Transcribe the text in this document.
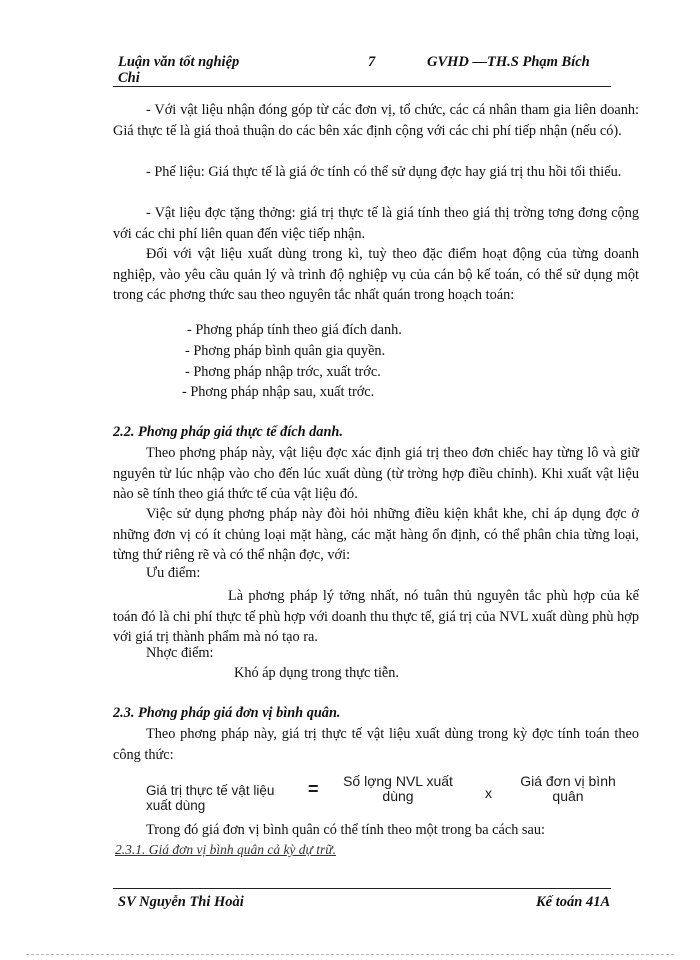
Luận văn tốt nghiệp
Chi
7	GVHD —TH.S Phạm Bích
- Với vật liệu nhận đóng góp từ các đơn vị, tổ chức, các cá nhân tham gia liên doanh: Giá thực tế là giá thoả thuận do các bên xác định cộng với các chi phí tiếp nhận (nếu có).
- Phế liệu: Giá thực tế là giá ớc tính có thể sử dụng đợc hay giá trị thu hồi tối thiểu.
- Vật liệu đợc tặng thởng: giá trị thực tế là giá tính theo giá thị trờng tơng đơng cộng với các chi phí liên quan đến việc tiếp nhận.
Đối với vật liệu xuất dùng trong kì, tuỳ theo đặc điểm hoạt động của từng doanh nghiệp, vào yêu cầu quản lý và trình độ nghiệp vụ của cán bộ kế toán, có thể sử dụng một trong các phơng thức sau theo nguyên tắc nhất quán trong hoạch toán:
- Phơng pháp tính theo giá đích danh.
- Phơng pháp bình quân gia quyền.
- Phơng pháp nhập trớc, xuất trớc.
- Phơng pháp nhập sau, xuất trớc.
2.2. Phơng pháp giá thực tế đích danh.
Theo phơng pháp này, vật liệu đợc xác định giá trị theo đơn chiếc hay từng lô và giữ nguyên từ lúc nhập vào cho đến lúc xuất dùng (từ trờng hợp điều chỉnh). Khi xuất vật liệu nào sẽ tính theo giá thức tế của vật liệu đó.
Việc sử dụng phơng pháp này đòi hỏi những điều kiện khắt khe, chỉ áp dụng đợc ở những đơn vị có ít chủng loại mặt hàng, các mặt hàng ổn định, có thể phân chia từng loại, từng thứ riêng rẽ và có thể nhận đợc, với:
Ưu điểm:
Là phơng pháp lý tởng nhất, nó tuân thủ nguyên tắc phù hợp của kế toán đó là chi phí thực tế phù hợp với doanh thu thực tế, giá trị của NVL xuất dùng phù hợp với giá trị thành phẩm mà nó tạo ra.
Nhợc điểm:
Khó áp dụng trong thực tiễn.
2.3. Phơng pháp giá đơn vị bình quân.
Theo phơng pháp này, giá trị thực tế vật liệu xuất dùng trong kỳ đợc tính toán theo công thức:
Giá trị thực tế vật liệu
xuất dùng
=	Số lợng NVL xuất
dùng	x
Giá đơn vị bình
quân
Trong đó giá đơn vị bình quân có thể tính theo một trong ba cách sau:
2.3.1. Giá đơn vị bình quân cả kỳ dự trữ.
SV Nguyễn Thi Hoài	Kế toán 41A
